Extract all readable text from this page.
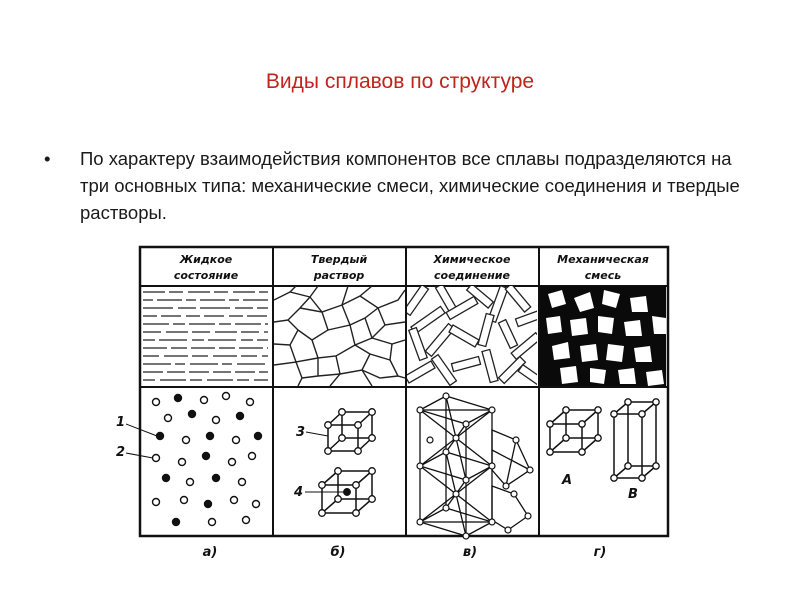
Виды сплавов по структуре
• По характеру взаимодействия компонентов все сплавы подразделяются на три основных типа: механические смеси, химические соединения и твердые растворы.
Жидкое
состояние
Твердый
раствор
Химическое
соединение
Механическая
смесь
1
2
3
4
А
В
а)	б)	в)	г)
